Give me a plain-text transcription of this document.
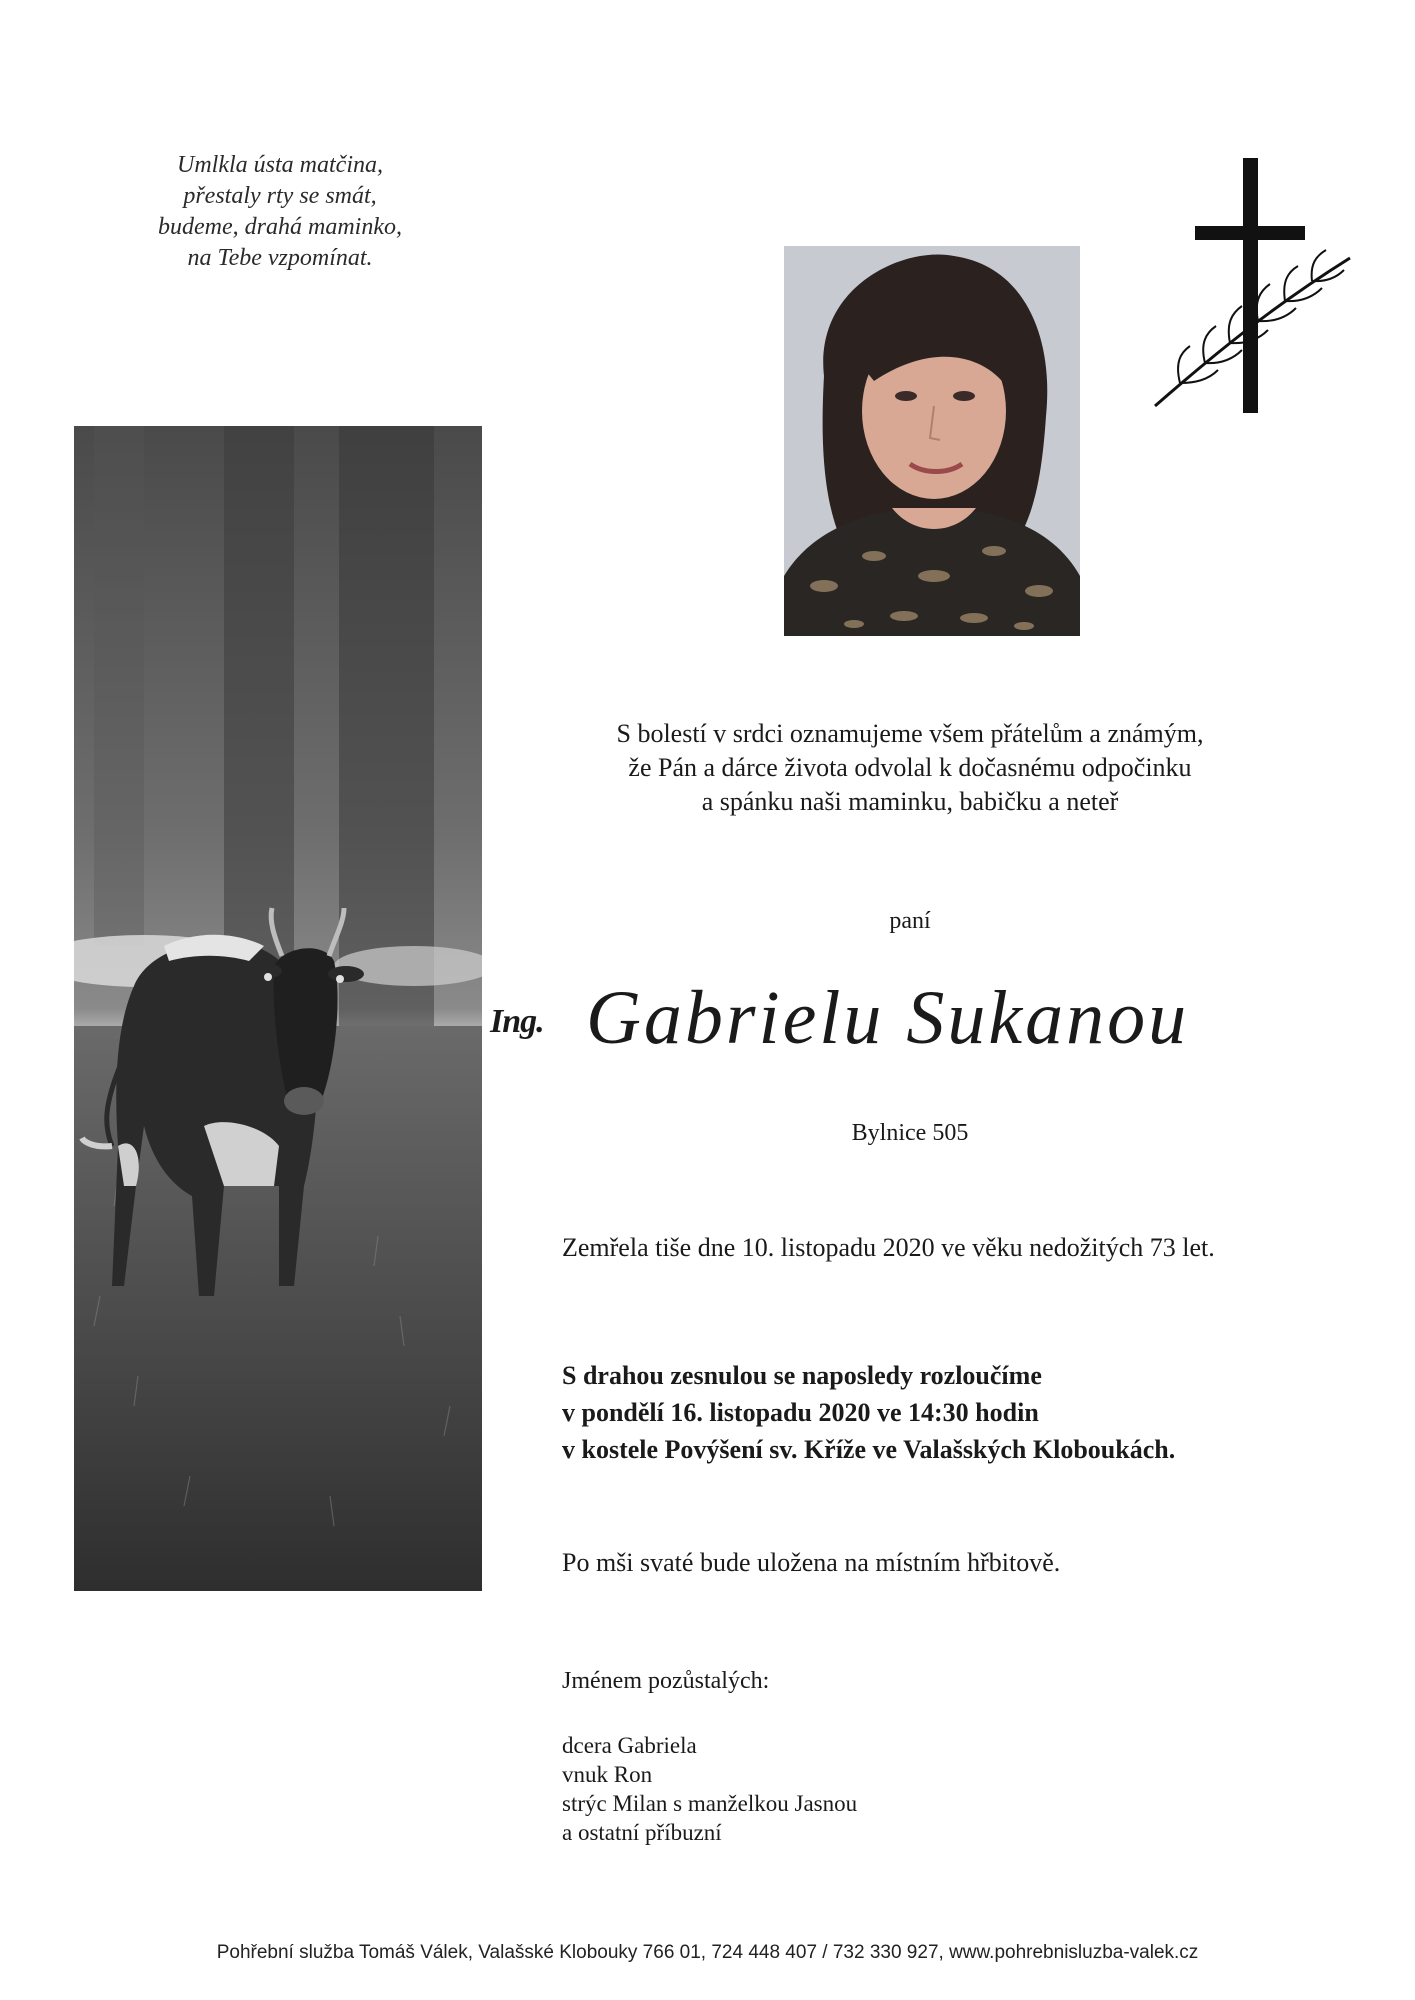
Umlkla ústa matčina,
přestaly rty se smát,
budeme, drahá maminko,
na Tebe vzpomínat.
S bolestí v srdci oznamujeme všem přátelům a známým,
že Pán a dárce života odvolal k dočasnému odpočinku
a spánku naši maminku, babičku a neteř
paní
Ing. Gabrielu Sukanou
Bylnice 505
Zemřela tiše dne 10. listopadu 2020 ve věku nedožitých 73 let.
S drahou zesnulou se naposledy rozloučíme
v pondělí 16. listopadu 2020 ve 14:30 hodin
v kostele Povýšení sv. Kříže ve Valašských Kloboukách.
Po mši svaté bude uložena na místním hřbitově.
Jménem pozůstalých:
dcera Gabriela
vnuk Ron
strýc Milan s manželkou Jasnou
a ostatní příbuzní
Pohřební služba Tomáš Válek, Valašské Klobouky 766 01, 724 448 407 / 732 330 927, www.pohrebnisluzba-valek.cz
